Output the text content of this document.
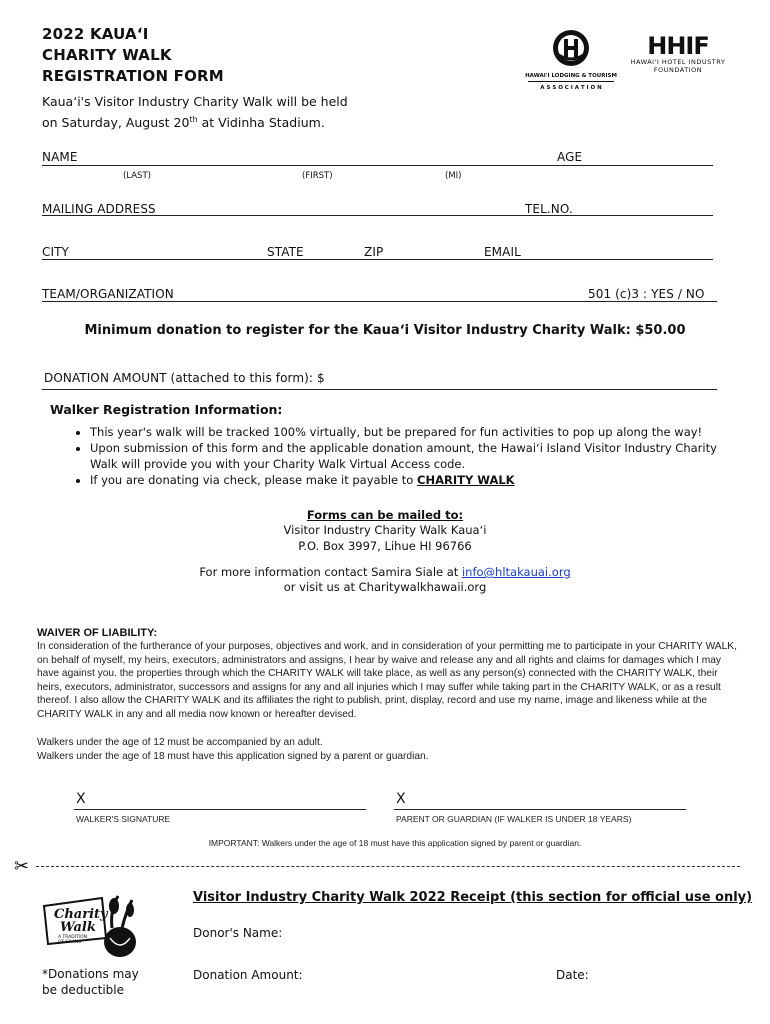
2022 KAUAʻI
CHARITY WALK
REGISTRATION FORM
Kauaʻi's Visitor Industry Charity Walk will be held
on Saturday, August 20th at Vidinha Stadium.
HAWAI'I LODGING & TOURISM
A S S O C I A T I O N
HHIF
HAWAI'I HOTEL INDUSTRY
FOUNDATION
NAME	AGE
(LAST)	(FIRST)	(MI)
MAILING ADDRESS	TEL.NO.
CITY	STATE	ZIP	EMAIL
TEAM/ORGANIZATION	501 (c)3 : YES / NO
Minimum donation to register for the Kauaʻi Visitor Industry Charity Walk: $50.00
DONATION AMOUNT (attached to this form): $
Walker Registration Information:
• This year's walk will be tracked 100% virtually, but be prepared for fun activities to pop up along the way!
• Upon submission of this form and the applicable donation amount, the Hawaiʻi Island Visitor Industry Charity Walk will provide you with your Charity Walk Virtual Access code.
• If you are donating via check, please make it payable to CHARITY WALK
Forms can be mailed to:
Visitor Industry Charity Walk Kauaʻi
P.O. Box 3997, Lihue HI 96766
For more information contact Samira Siale at info@hltakauai.org
or visit us at Charitywalkhawaii.org
WAIVER OF LIABILITY:
In consideration of the furtherance of your purposes, objectives and work, and in consideration of your permitting me to participate in your CHARITY WALK, on behalf of myself, my heirs, executors, administrators and assigns, I hear by waive and release any and all rights and claims for damages which I may have against you. the properties through which the CHARITY WALK will take place, as well as any person(s) connected with the CHARITY WALK, their heirs, executors, administrator, successors and assigns for any and all injuries which I may suffer while taking part in the CHARITY WALK, or as a result thereof. I also allow the CHARITY WALK and its affiliates the right to publish, print, display, record and use my name, image and likeness while at the CHARITY WALK in any and all media now known or hereafter devised.
Walkers under the age of 12 must be accompanied by an adult.
Walkers under the age of 18 must have this application signed by a parent or guardian.
X
WALKER'S SIGNATURE
X
PARENT OR GUARDIAN (IF WALKER IS UNDER 18 YEARS)
IMPORTANT: Walkers under the age of 18 must have this application signed by parent or guardian.
✂
Visitor Industry Charity Walk 2022 Receipt (this section for official use only)
Charity
Walk
A TRADITION
OF GIVING
Donor's Name:
Donation Amount:	Date:
*Donations may
be deductible
